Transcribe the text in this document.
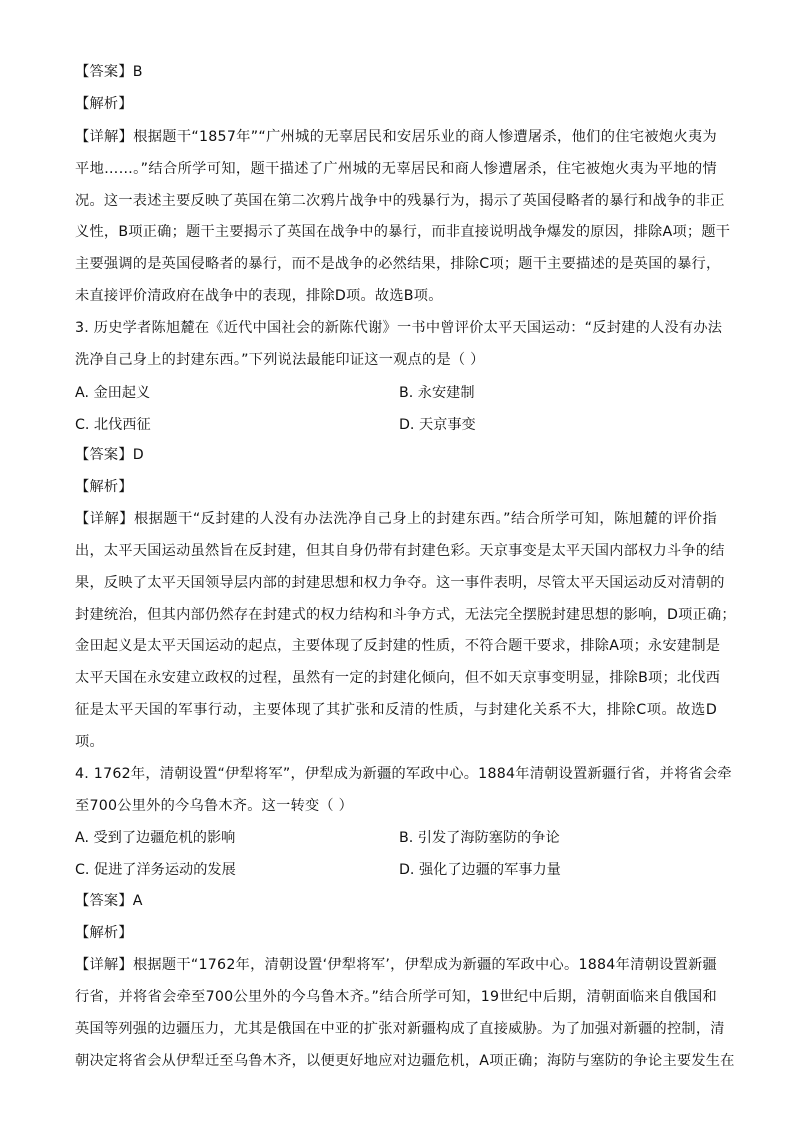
【答案】B
【解析】
【详解】根据题干“1857年”“广州城的无辜居民和安居乐业的商人惨遭屠杀，他们的住宅被炮火夷为
平地……。”结合所学可知，题干描述了广州城的无辜居民和商人惨遭屠杀，住宅被炮火夷为平地的情
况。这一表述主要反映了英国在第二次鸦片战争中的残暴行为，揭示了英国侵略者的暴行和战争的非正
义性，B项正确；题干主要揭示了英国在战争中的暴行，而非直接说明战争爆发的原因，排除A项；题干
主要强调的是英国侵略者的暴行，而不是战争的必然结果，排除C项；题干主要描述的是英国的暴行，
未直接评价清政府在战争中的表现，排除D项。故选B项。
3. 历史学者陈旭麓在《近代中国社会的新陈代谢》一书中曾评价太平天国运动：“反封建的人没有办法
洗净自己身上的封建东西。”下列说法最能印证这一观点的是（ ）
A. 金田起义	B. 永安建制
C. 北伐西征	D. 天京事变
【答案】D
【解析】
【详解】根据题干“反封建的人没有办法洗净自己身上的封建东西。”结合所学可知，陈旭麓的评价指
出，太平天国运动虽然旨在反封建，但其自身仍带有封建色彩。天京事变是太平天国内部权力斗争的结
果，反映了太平天国领导层内部的封建思想和权力争夺。这一事件表明，尽管太平天国运动反对清朝的
封建统治，但其内部仍然存在封建式的权力结构和斗争方式，无法完全摆脱封建思想的影响，D项正确；
金田起义是太平天国运动的起点，主要体现了反封建的性质，不符合题干要求，排除A项；永安建制是
太平天国在永安建立政权的过程，虽然有一定的封建化倾向，但不如天京事变明显，排除B项；北伐西
征是太平天国的军事行动，主要体现了其扩张和反清的性质，与封建化关系不大，排除C项。故选D
项。
4. 1762年，清朝设置“伊犁将军”，伊犁成为新疆的军政中心。1884年清朝设置新疆行省，并将省会牵
至700公里外的今乌鲁木齐。这一转变（ ）
A. 受到了边疆危机的影响	B. 引发了海防塞防的争论
C. 促进了洋务运动的发展	D. 强化了边疆的军事力量
【答案】A
【解析】
【详解】根据题干“1762年，清朝设置‘伊犁将军’，伊犁成为新疆的军政中心。1884年清朝设置新疆
行省，并将省会牵至700公里外的今乌鲁木齐。”结合所学可知，19世纪中后期，清朝面临来自俄国和
英国等列强的边疆压力，尤其是俄国在中亚的扩张对新疆构成了直接威胁。为了加强对新疆的控制，清
朝决定将省会从伊犁迁至乌鲁木齐，以便更好地应对边疆危机，A项正确；海防与塞防的争论主要发生在
